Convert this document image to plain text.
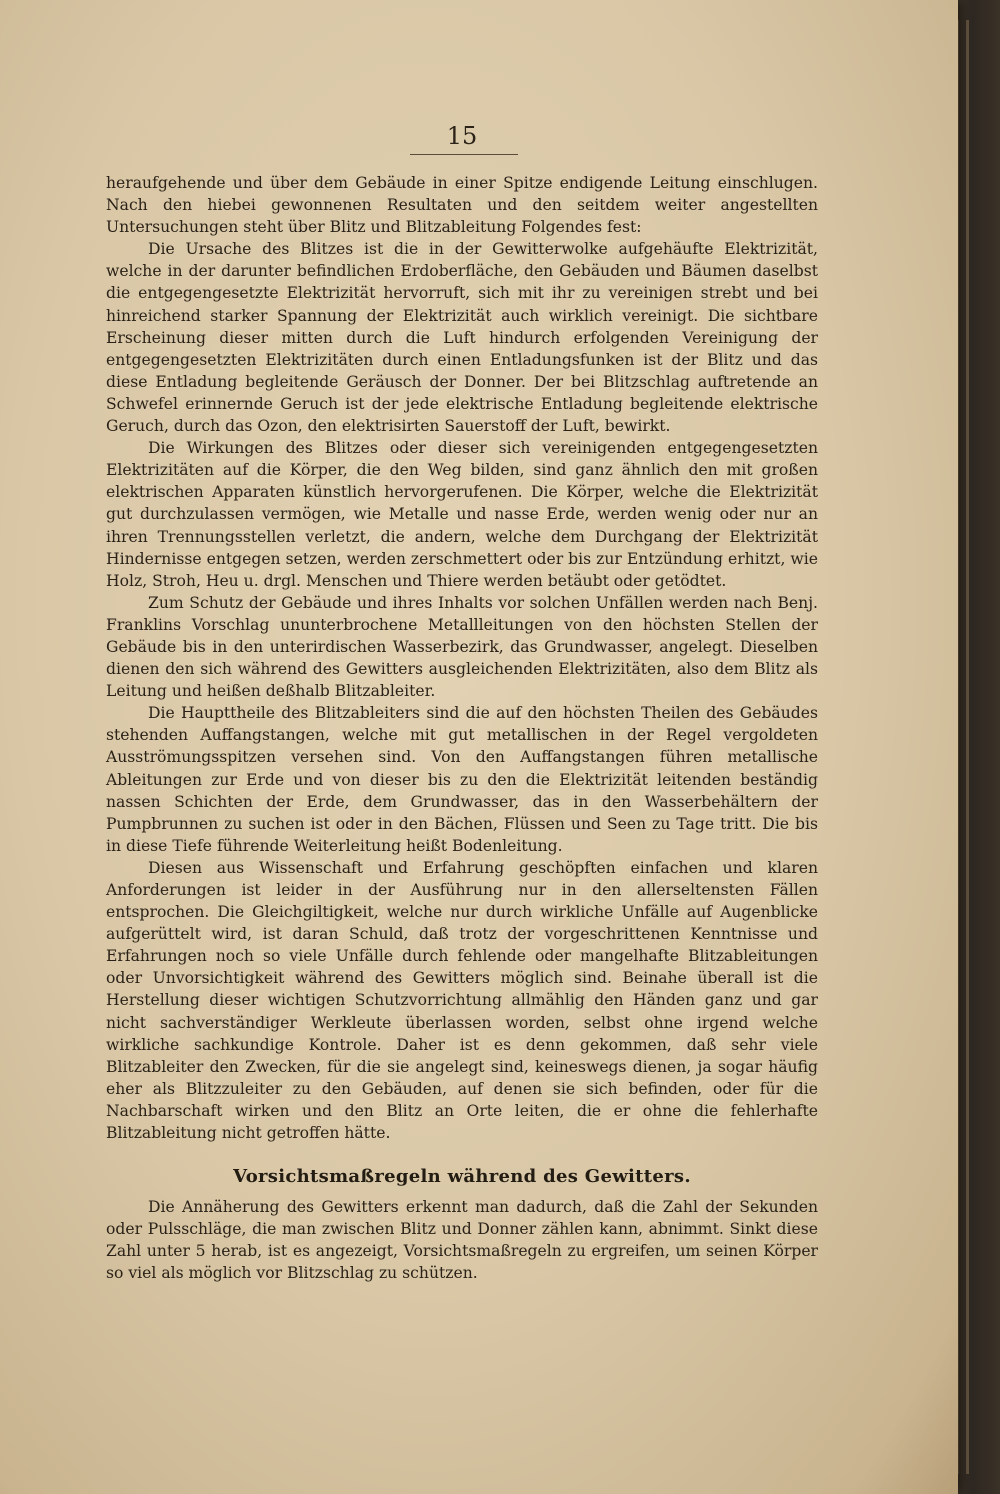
15

heraufgehende und über dem Gebäude in einer Spitze endigende Leitung einschlugen. Nach den hiebei gewonnenen Resultaten und den seitdem weiter angestellten Untersuchungen steht über Blitz und Blitzableitung Folgendes fest:

Die Ursache des Blitzes ist die in der Gewitterwolke aufgehäufte Elektrizität, welche in der darunter befindlichen Erdoberfläche, den Gebäuden und Bäumen daselbst die entgegengesetzte Elektrizität hervorruft, sich mit ihr zu vereinigen strebt und bei hinreichend starker Spannung der Elektrizität auch wirklich vereinigt. Die sichtbare Erscheinung dieser mitten durch die Luft hindurch erfolgenden Vereinigung der entgegengesetzten Elektrizitäten durch einen Entladungsfunken ist der Blitz und das diese Entladung begleitende Geräusch der Donner. Der bei Blitzschlag auftretende an Schwefel erinnernde Geruch ist der jede elektrische Entladung begleitende elektrische Geruch, durch das Ozon, den elektrisirten Sauerstoff der Luft, bewirkt.

Die Wirkungen des Blitzes oder dieser sich vereinigenden entgegengesetzten Elektrizitäten auf die Körper, die den Weg bilden, sind ganz ähnlich den mit großen elektrischen Apparaten künstlich hervorgerufenen. Die Körper, welche die Elektrizität gut durchzulassen vermögen, wie Metalle und nasse Erde, werden wenig oder nur an ihren Trennungsstellen verletzt, die andern, welche dem Durchgang der Elektrizität Hindernisse entgegen setzen, werden zerschmettert oder bis zur Entzündung erhitzt, wie Holz, Stroh, Heu u. drgl. Menschen und Thiere werden betäubt oder getödtet.

Zum Schutz der Gebäude und ihres Inhalts vor solchen Unfällen werden nach Benj. Franklins Vorschlag ununterbrochene Metallleitungen von den höchsten Stellen der Gebäude bis in den unterirdischen Wasserbezirk, das Grundwasser, angelegt. Dieselben dienen den sich während des Gewitters ausgleichenden Elektrizitäten, also dem Blitz als Leitung und heißen deßhalb Blitzableiter.

Die Haupttheile des Blitzableiters sind die auf den höchsten Theilen des Gebäudes stehenden Auffangstangen, welche mit gut metallischen in der Regel vergoldeten Ausströmungsspitzen versehen sind. Von den Auffangstangen führen metallische Ableitungen zur Erde und von dieser bis zu den die Elektrizität leitenden beständig nassen Schichten der Erde, dem Grundwasser, das in den Wasserbehältern der Pumpbrunnen zu suchen ist oder in den Bächen, Flüssen und Seen zu Tage tritt. Die bis in diese Tiefe führende Weiterleitung heißt Bodenleitung.

Diesen aus Wissenschaft und Erfahrung geschöpften einfachen und klaren Anforderungen ist leider in der Ausführung nur in den allerseltensten Fällen entsprochen. Die Gleichgiltigkeit, welche nur durch wirkliche Unfälle auf Augenblicke aufgerüttelt wird, ist daran Schuld, daß trotz der vorgeschrittenen Kenntnisse und Erfahrungen noch so viele Unfälle durch fehlende oder mangelhafte Blitzableitungen oder Unvorsichtigkeit während des Gewitters möglich sind. Beinahe überall ist die Herstellung dieser wichtigen Schutzvorrichtung allmählig den Händen ganz und gar nicht sachverständiger Werkleute überlassen worden, selbst ohne irgend welche wirkliche sachkundige Kontrole. Daher ist es denn gekommen, daß sehr viele Blitzableiter den Zwecken, für die sie angelegt sind, keineswegs dienen, ja sogar häufig eher als Blitzzuleiter zu den Gebäuden, auf denen sie sich befinden, oder für die Nachbarschaft wirken und den Blitz an Orte leiten, die er ohne die fehlerhafte Blitzableitung nicht getroffen hätte.

Vorsichtsmaßregeln während des Gewitters.

Die Annäherung des Gewitters erkennt man dadurch, daß die Zahl der Sekunden oder Pulsschläge, die man zwischen Blitz und Donner zählen kann, abnimmt. Sinkt diese Zahl unter 5 herab, ist es angezeigt, Vorsichtsmaßregeln zu ergreifen, um seinen Körper so viel als möglich vor Blitzschlag zu schützen.
